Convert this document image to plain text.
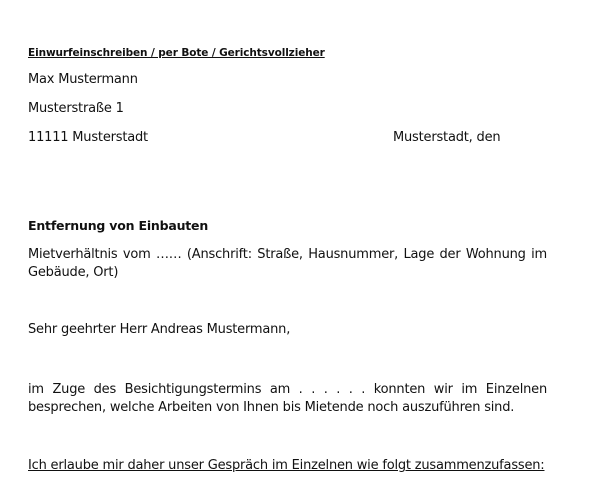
Einwurfeinschreiben / per Bote / Gerichtsvollzieher
Max Mustermann
Musterstraße 1
11111 Musterstadt	Musterstadt, den
Entfernung von Einbauten
Mietverhältnis vom …… (Anschrift: Straße, Hausnummer, Lage der Wohnung im Gebäude, Ort)
Sehr geehrter Herr Andreas Mustermann,
im Zuge des Besichtigungstermins am . . . . . . konnten wir im Einzelnen besprechen, welche Arbeiten von Ihnen bis Mietende noch auszuführen sind.
Ich erlaube mir daher unser Gespräch im Einzelnen wie folgt zusammenzufassen:
